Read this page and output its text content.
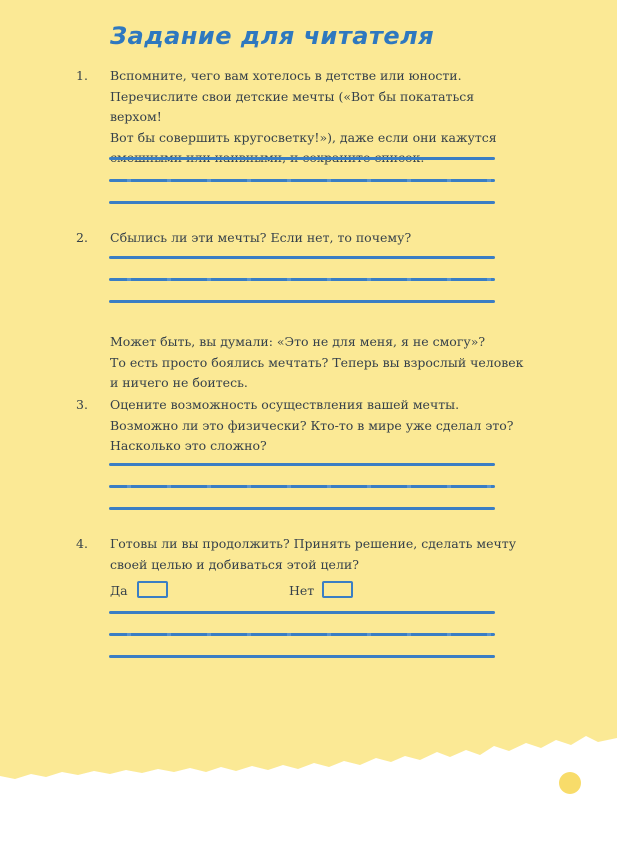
Задание для читателя
1. Вспомните, чего вам хотелось в детстве или юности.
Перечислите свои детские мечты («Вот бы покататься верхом!
Вот бы совершить кругосветку!»), даже если они кажутся

2. Сбылись ли эти мечты? Если нет, то почему?

Может быть, вы думали: «Это не для меня, я не смогу»?
То есть просто боялись мечтать? Теперь вы взрослый человек
и ничего не боитесь.

3. Оцените возможность осуществления вашей мечты.
Возможно ли это физически? Кто-то в мире уже сделал это?
Насколько это сложно?

4. Готовы ли вы продолжить? Принять решение, сделать мечту
своей целью и добиваться этой цели?

Да	Нет
